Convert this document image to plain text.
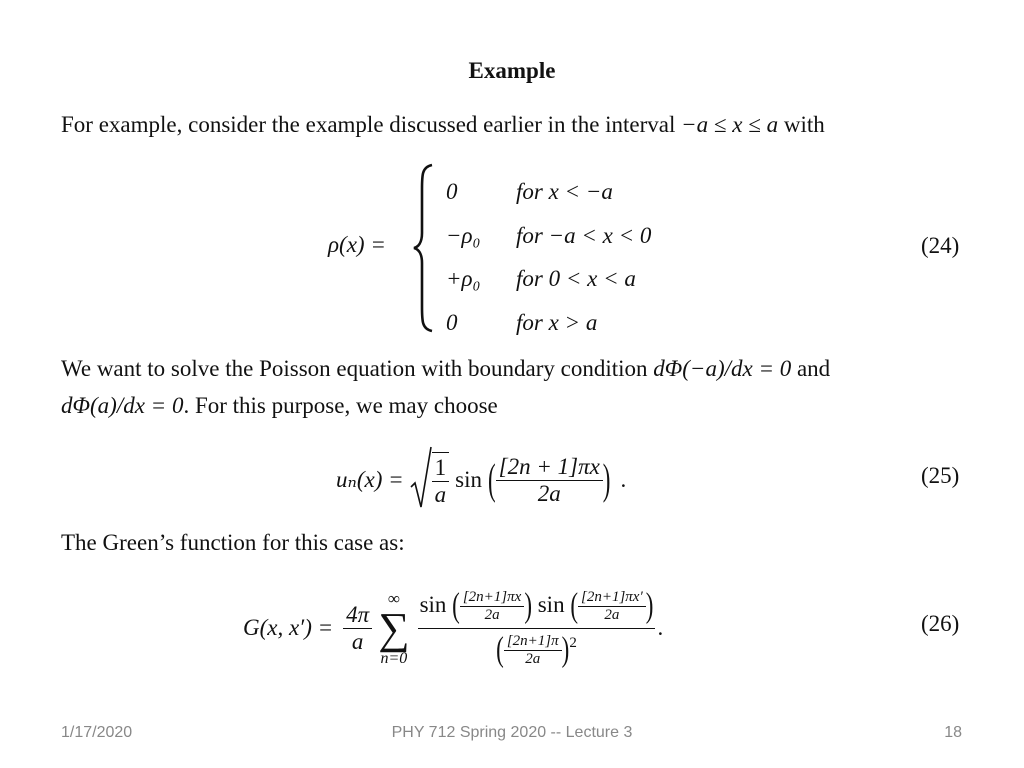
Example
For example, consider the example discussed earlier in the interval −a ≤ x ≤ a with
ρ(x) =
0	for x < −a
−ρ₀ for −a < x < 0
+ρ₀ for 0 < x < a
0	for x > a
(24)
We want to solve the Poisson equation with boundary condition dΦ(−a)/dx = 0 and
dΦ(a)/dx = 0. For this purpose, we may choose
$u_n(x) = \frac{1}{a}$ sin ( $\frac{[2n + 1]\pi x}{2a}$ ) .	(25)
The Green’s function for this case as:
G(x, $x') = \frac{4\pi}{a}$
∞
∑
$n=0 \frac{\sin ( \frac{[2n+1]\pi x}{2a} ) \sin ( \frac{[2n+1]\pi x'}{2a} )}{( \frac{[2n+1]\pi}{2a} )^2}$ .	(26)
1/17/2020	PHY 712 Spring 2020 -- Lecture 3	18
